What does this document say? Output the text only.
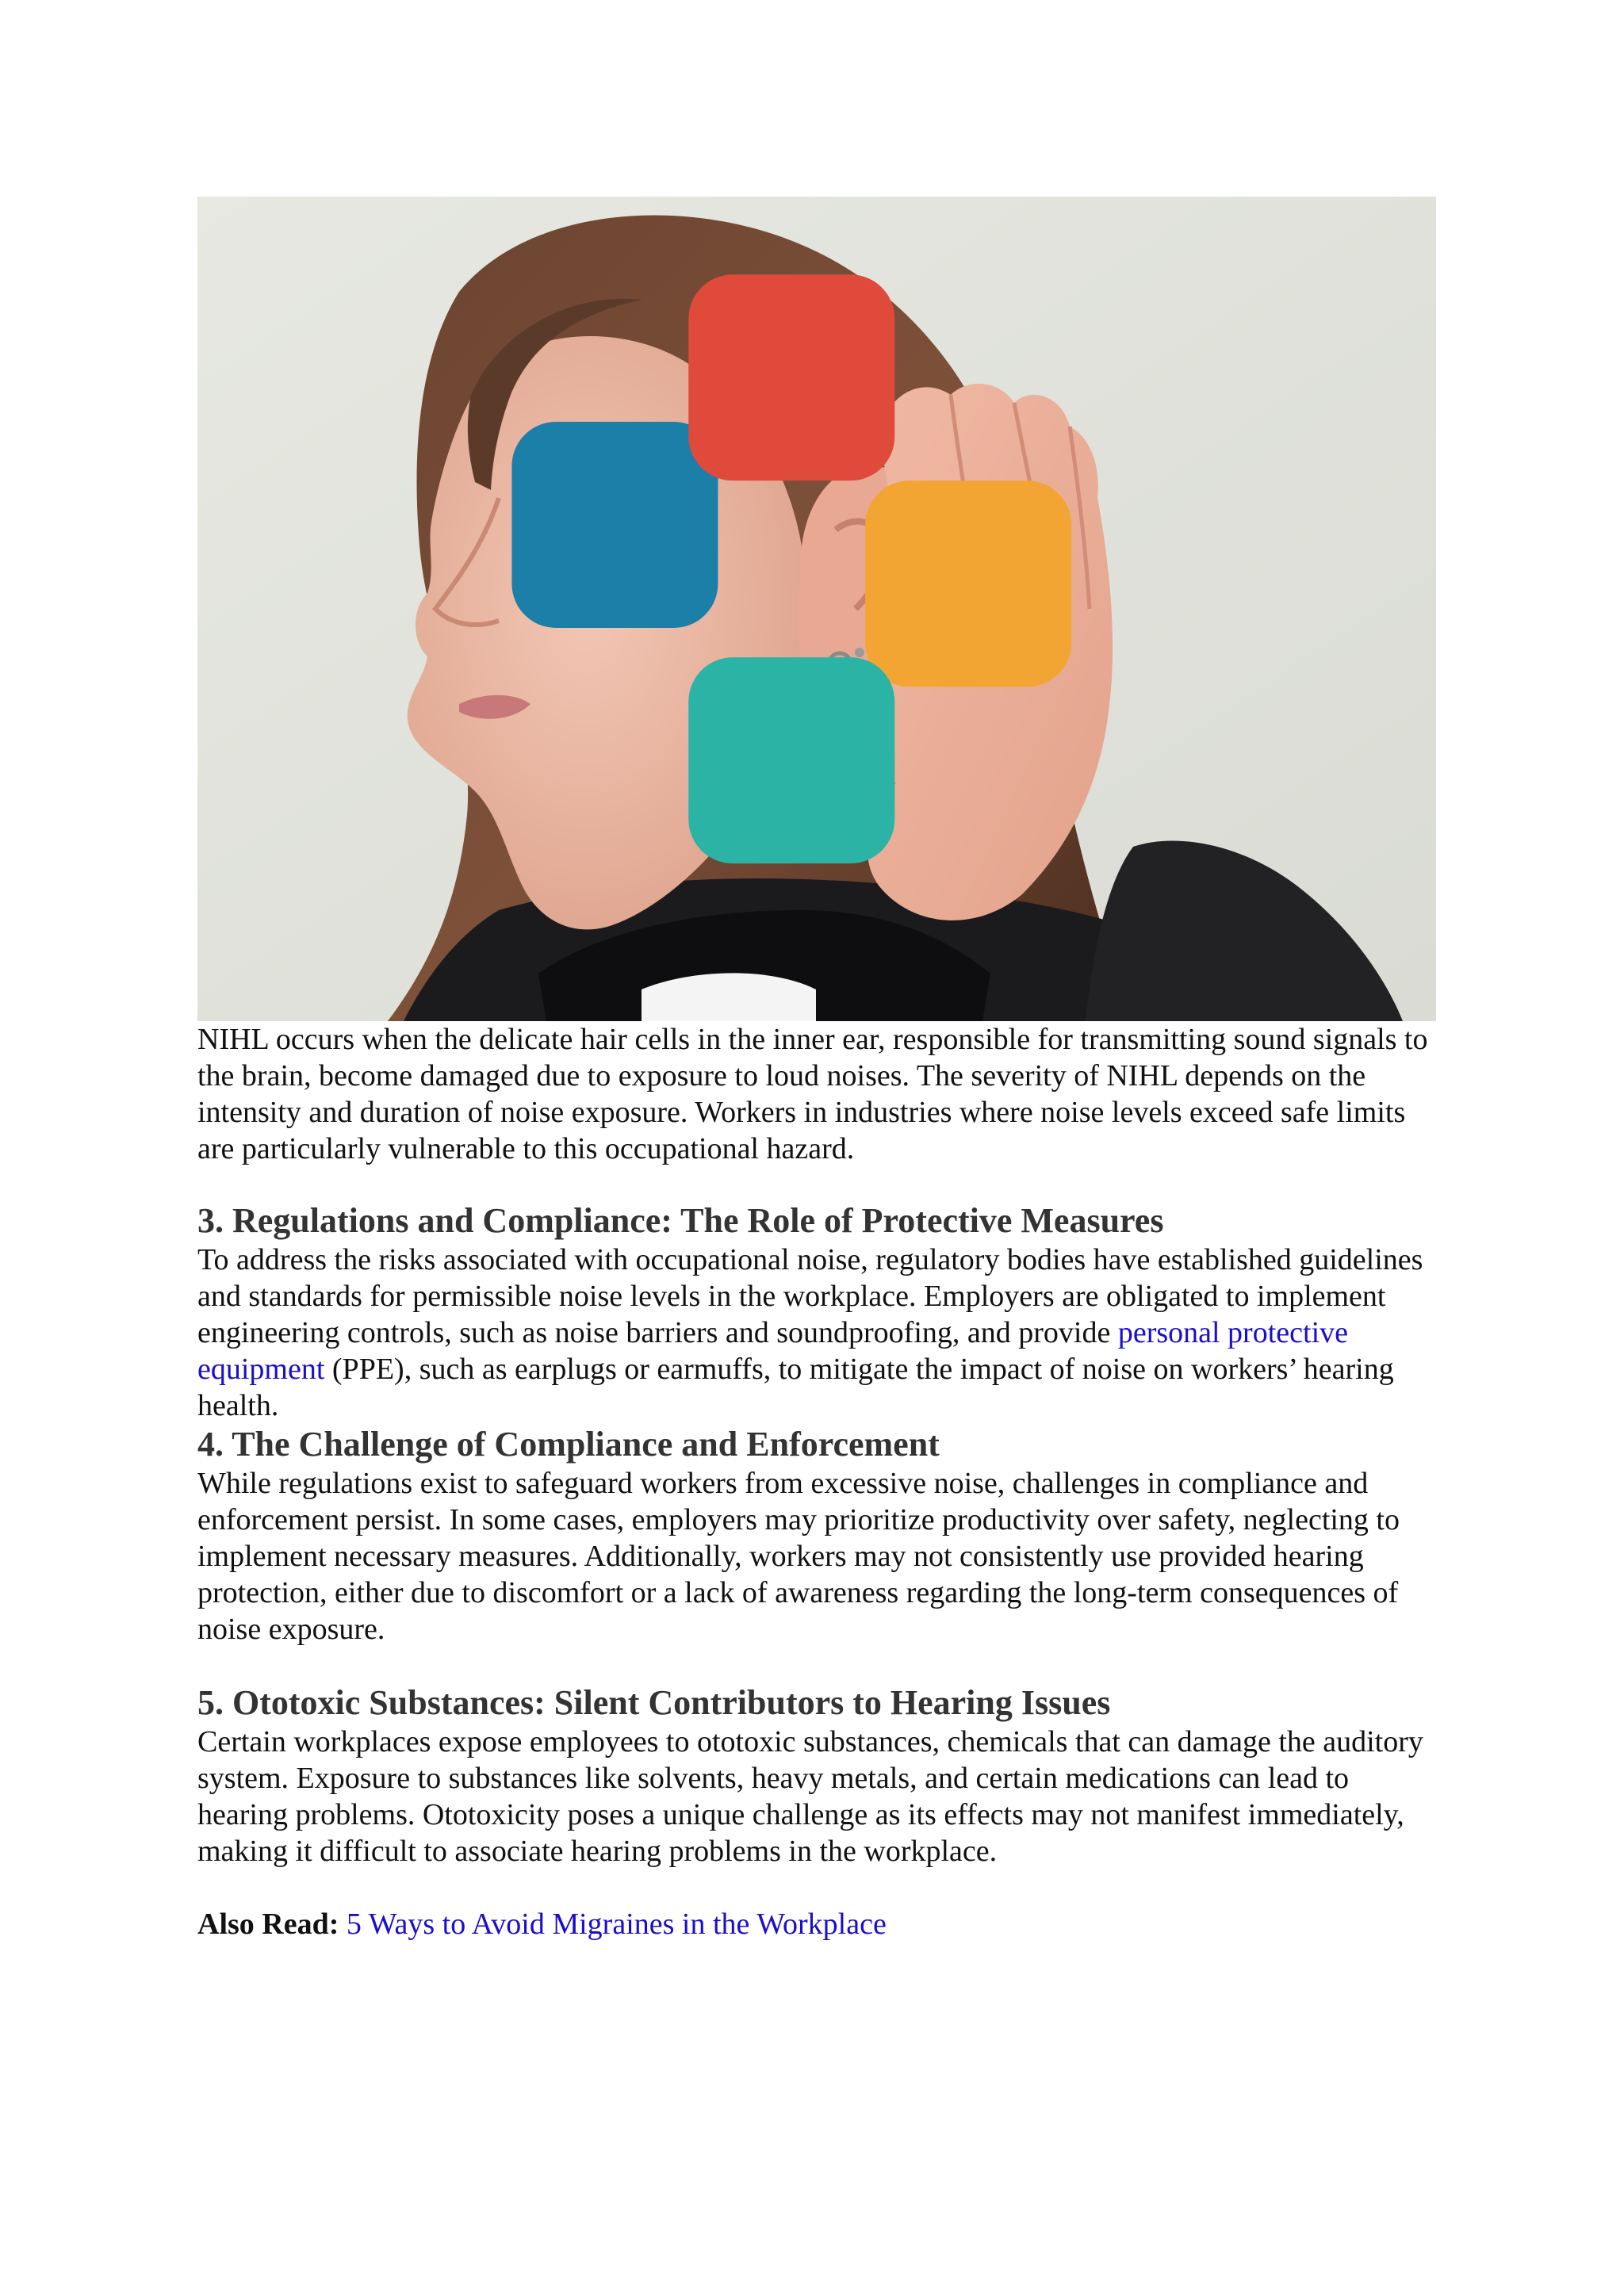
NIHL occurs when the delicate hair cells in the inner ear, responsible for transmitting sound signals to the brain, become damaged due to exposure to loud noises. The severity of NIHL depends on the intensity and duration of noise exposure. Workers in industries where noise levels exceed safe limits are particularly vulnerable to this occupational hazard.

3. Regulations and Compliance: The Role of Protective Measures

To address the risks associated with occupational noise, regulatory bodies have established guidelines and standards for permissible noise levels in the workplace. Employers are obligated to implement engineering controls, such as noise barriers and soundproofing, and provide personal protective equipment (PPE), such as earplugs or earmuffs, to mitigate the impact of noise on workers’ hearing health.

4. The Challenge of Compliance and Enforcement

While regulations exist to safeguard workers from excessive noise, challenges in compliance and enforcement persist. In some cases, employers may prioritize productivity over safety, neglecting to implement necessary measures. Additionally, workers may not consistently use provided hearing protection, either due to discomfort or a lack of awareness regarding the long-term consequences of noise exposure.

5. Ototoxic Substances: Silent Contributors to Hearing Issues

Certain workplaces expose employees to ototoxic substances, chemicals that can damage the auditory system. Exposure to substances like solvents, heavy metals, and certain medications can lead to hearing problems. Ototoxicity poses a unique challenge as its effects may not manifest immediately, making it difficult to associate hearing problems in the workplace.

Also Read: 5 Ways to Avoid Migraines in the Workplace
